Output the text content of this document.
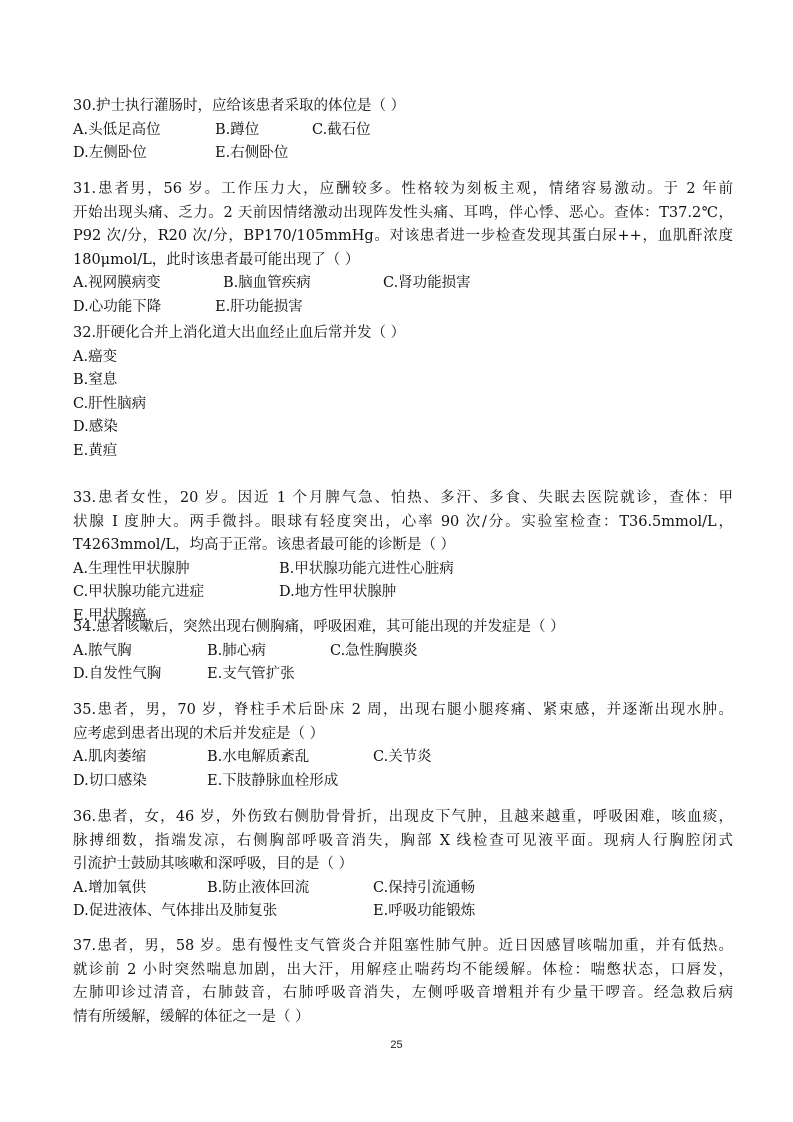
30.护士执行灌肠时，应给该患者采取的体位是（ ）
A.头低足高位	B.蹲位	C.截石位
D.左侧卧位	E.右侧卧位
31.患者男，56 岁。工作压力大，应酬较多。性格较为刻板主观，情绪容易激动。于 2 年前
开始出现头痛、乏力。2 天前因情绪激动出现阵发性头痛、耳鸣，伴心悸、恶心。查体：T37.2℃，
P92 次/分，R20 次/分，BP170/105mmHg。对该患者进一步检查发现其蛋白尿++，血肌酐浓度
180μmol/L，此时该患者最可能出现了（ ）
A.视网膜病变	B.脑血管疾病	C.肾功能损害
D.心功能下降	E.肝功能损害
32.肝硬化合并上消化道大出血经止血后常并发（ ）
A.癌变
B.窒息
C.肝性脑病
D.感染
E.黄疸
33.患者女性，20 岁。因近 1 个月脾气急、怕热、多汗、多食、失眠去医院就诊，查体：甲
状腺 I 度肿大。两手微抖。眼球有轻度突出，心率 90 次/分。实验室检查：T36.5mmol/L，
T4263mmol/L，均高于正常。该患者最可能的诊断是（ ）
A.生理性甲状腺肿	B.甲状腺功能亢进性心脏病
C.甲状腺功能亢进症	D.地方性甲状腺肿
E.甲状腺癌
34.患者咳嗽后，突然出现右侧胸痛，呼吸困难，其可能出现的并发症是（ ）
A.脓气胸	B.肺心病	C.急性胸膜炎
D.自发性气胸	E.支气管扩张
35.患者，男，70 岁，脊柱手术后卧床 2 周，出现右腿小腿疼痛、紧束感，并逐渐出现水肿。
应考虑到患者出现的术后并发症是（ ）
A.肌肉萎缩	B.水电解质紊乱	C.关节炎
D.切口感染	E.下肢静脉血栓形成
36.患者，女，46 岁，外伤致右侧肋骨骨折，出现皮下气肿，且越来越重，呼吸困难，咳血痰，
脉搏细数，指端发凉，右侧胸部呼吸音消失，胸部 X 线检查可见液平面。现病人行胸腔闭式
引流护士鼓励其咳嗽和深呼吸，目的是（ ）
A.增加氧供	B.防止液体回流	C.保持引流通畅
D.促进液体、气体排出及肺复张	E.呼吸功能锻炼
37.患者，男，58 岁。患有慢性支气管炎合并阻塞性肺气肿。近日因感冒咳喘加重，并有低热。
就诊前 2 小时突然喘息加剧，出大汗，用解痉止喘药均不能缓解。体检：喘憋状态，口唇发，
左肺叩诊过清音，右肺鼓音，右肺呼吸音消失，左侧呼吸音增粗并有少量干啰音。经急救后病
情有所缓解，缓解的体征之一是（ ）
25
